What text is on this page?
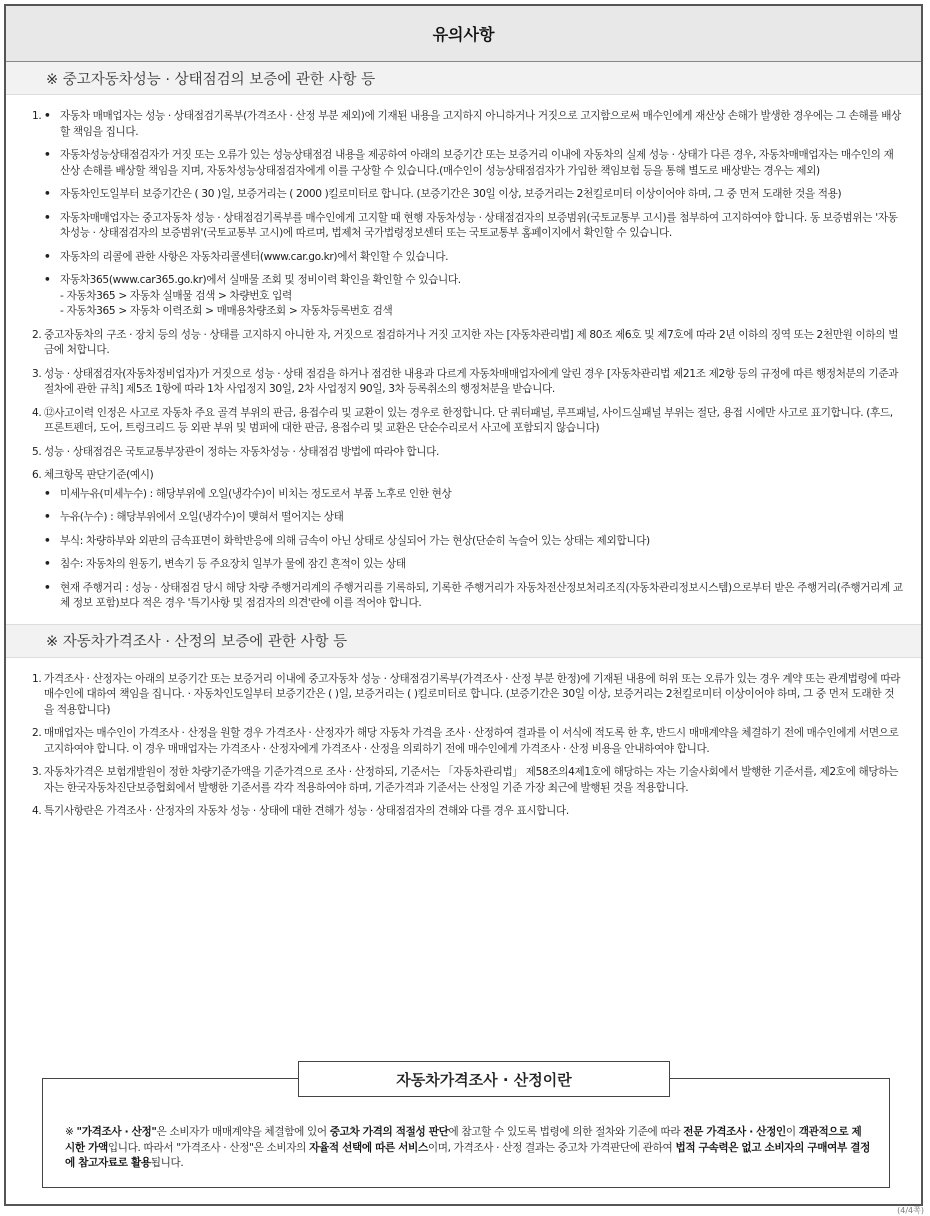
유의사항
※ 중고자동차성능 · 상태점검의 보증에 관한 사항 등
1. • 자동차 매매업자는 성능 · 상태점검기록부(가격조사 · 산정 부분 제외)에 기재된 내용을 고지하지 아니하거나 거짓으로 고지함으로써 매수인에게 재산상 손해가 발생한 경우에는 그 손해를 배상할 책임을 집니다.
• 자동차성능상태점검자가 거짓 또는 오류가 있는 성능상태점검 내용을 제공하여 아래의 보증기간 또는 보증거리 이내에 자동차의 실제 성능 · 상태가 다른 경우, 자동차매매업자는 매수인의 재산상 손해를 배상할 책임을 지며, 자동차성능상태점검자에게 이를 구상할 수 있습니다.(매수인이 성능상태점검자가 가입한 책임보험 등을 통해 별도로 배상받는 경우는 제외)
• 자동차인도일부터 보증기간은 ( 30 )일, 보증거리는 ( 2000 )킬로미터로 합니다. (보증기간은 30일 이상, 보증거리는 2천킬로미터 이상이어야 하며, 그 중 먼저 도래한 것을 적용)
• 자동차매매업자는 중고자동차 성능 · 상태점검기록부를 매수인에게 고지할 때 현행 자동차성능 · 상태점검자의 보증범위(국토교통부 고시)를 첨부하여 고지하여야 합니다. 동 보증범위는 '자동차성능 · 상태점검자의 보증범위'(국토교통부 고시)에 따르며, 법제처 국가법령정보센터 또는 국토교통부 홈페이지에서 확인할 수 있습니다.
• 자동차의 리콜에 관한 사항은 자동차리콜센터(www.car.go.kr)에서 확인할 수 있습니다.
• 자동차365(www.car365.go.kr)에서 실매물 조회 및 정비이력 확인을 확인할 수 있습니다.
- 자동차365 > 자동차 실매물 검색 > 차량번호 입력
- 자동차365 > 자동차 이력조회 > 매매용차량조회 > 자동차등록번호 검색
2. 중고자동차의 구조 · 장치 등의 성능 · 상태를 고지하지 아니한 자, 거짓으로 점검하거나 거짓 고지한 자는 [자동차관리법] 제 80조 제6호 및 제7호에 따라 2년 이하의 징역 또는 2천만원 이하의 벌금에 처합니다.
3. 성능 · 상태점검자(자동차정비업자)가 거짓으로 성능 · 상태 점검을 하거나 점검한 내용과 다르게 자동차매매업자에게 알린 경우 [자동차관리법 제21조 제2항 등의 규정에 따른 행정처분의 기준과 절차에 관한 규칙] 제5조 1항에 따라 1차 사업정지 30일, 2차 사업정지 90일, 3차 등록취소의 행정처분을 받습니다.
4. ⑫사고이력 인정은 사고로 자동차 주요 골격 부위의 판금, 용접수리 및 교환이 있는 경우로 한정합니다. 단 쿼터패널, 루프패널, 사이드실패널 부위는 절단, 용접 시에만 사고로 표기합니다. (후드, 프론트펜더, 도어, 트렁크리드 등 외판 부위 및 범퍼에 대한 판금, 용접수리 및 교환은 단순수리로서 사고에 포함되지 않습니다)
5. 성능 · 상태점검은 국토교통부장관이 정하는 자동차성능 · 상태점검 방법에 따라야 합니다.
6. 체크항목 판단기준(예시)
• 미세누유(미세누수) : 해당부위에 오일(냉각수)이 비치는 정도로서 부품 노후로 인한 현상
• 누유(누수) : 해당부위에서 오일(냉각수)이 맺혀서 떨어지는 상태
• 부식: 차량하부와 외판의 금속표면이 화학반응에 의해 금속이 아닌 상태로 상실되어 가는 현상(단순히 녹슬어 있는 상태는 제외합니다)
• 침수: 자동차의 원동기, 변속기 등 주요장치 일부가 물에 잠긴 흔적이 있는 상태
• 현재 주행거리 : 성능 · 상태점검 당시 해당 차량 주행거리계의 주행거리를 기록하되, 기록한 주행거리가 자동차전산정보처리조직(자동차관리정보시스템)으로부터 받은 주행거리(주행거리계 교체 정보 포함)보다 적은 경우 '특기사항 및 점검자의 의견'란에 이를 적어야 합니다.
※ 자동차가격조사 · 산정의 보증에 관한 사항 등
1. 가격조사 · 산정자는 아래의 보증기간 또는 보증거리 이내에 중고자동차 성능 · 상태점검기록부(가격조사 · 산정 부분 한정)에 기재된 내용에 허위 또는 오류가 있는 경우 계약 또는 관계법령에 따라 매수인에 대하여 책임을 집니다. · 자동차인도일부터 보증기간은 ( )일, 보증거리는 ( )킬로미터로 합니다. (보증기간은 30일 이상, 보증거리는 2천킬로미터 이상이어야 하며, 그 중 먼저 도래한 것을 적용합니다)
2. 매매업자는 매수인이 가격조사 · 산정을 원할 경우 가격조사 · 산정자가 해당 자동차 가격을 조사 · 산정하여 결과를 이 서식에 적도록 한 후, 반드시 매매계약을 체결하기 전에 매수인에게 서면으로 고지하여야 합니다. 이 경우 매매업자는 가격조사 · 산정자에게 가격조사 · 산정을 의뢰하기 전에 매수인에게 가격조사 · 산정 비용을 안내하여야 합니다.
3. 자동차가격은 보험개발원이 정한 차량기준가액을 기준가격으로 조사 · 산정하되, 기준서는 「자동차관리법」 제58조의4제1호에 해당하는 자는 기술사회에서 발행한 기준서를, 제2호에 해당하는 자는 한국자동차진단보증협회에서 발행한 기준서를 각각 적용하여야 하며, 기준가격과 기준서는 산정일 기준 가장 최근에 발행된 것을 적용합니다.
4. 특기사항란은 가격조사 · 산정자의 자동차 성능 · 상태에 대한 견해가 성능 · 상태점검자의 견해와 다를 경우 표시합니다.
자동차가격조사 · 산정이란
※ "가격조사 · 산정"은 소비자가 매매계약을 체결함에 있어 중고차 가격의 적절성 판단에 참고할 수 있도록 법령에 의한 절차와 기준에 따라 전문 가격조사 · 산정인이 객관적으로 제시한 가액입니다. 따라서 "가격조사 · 산정"은 소비자의 자율적 선택에 따른 서비스이며, 가격조사 · 산정 결과는 중고차 가격판단에 관하여 법적 구속력은 없고 소비자의 구매여부 결정에 참고자료로 활용됩니다.
(4/4쪽)
